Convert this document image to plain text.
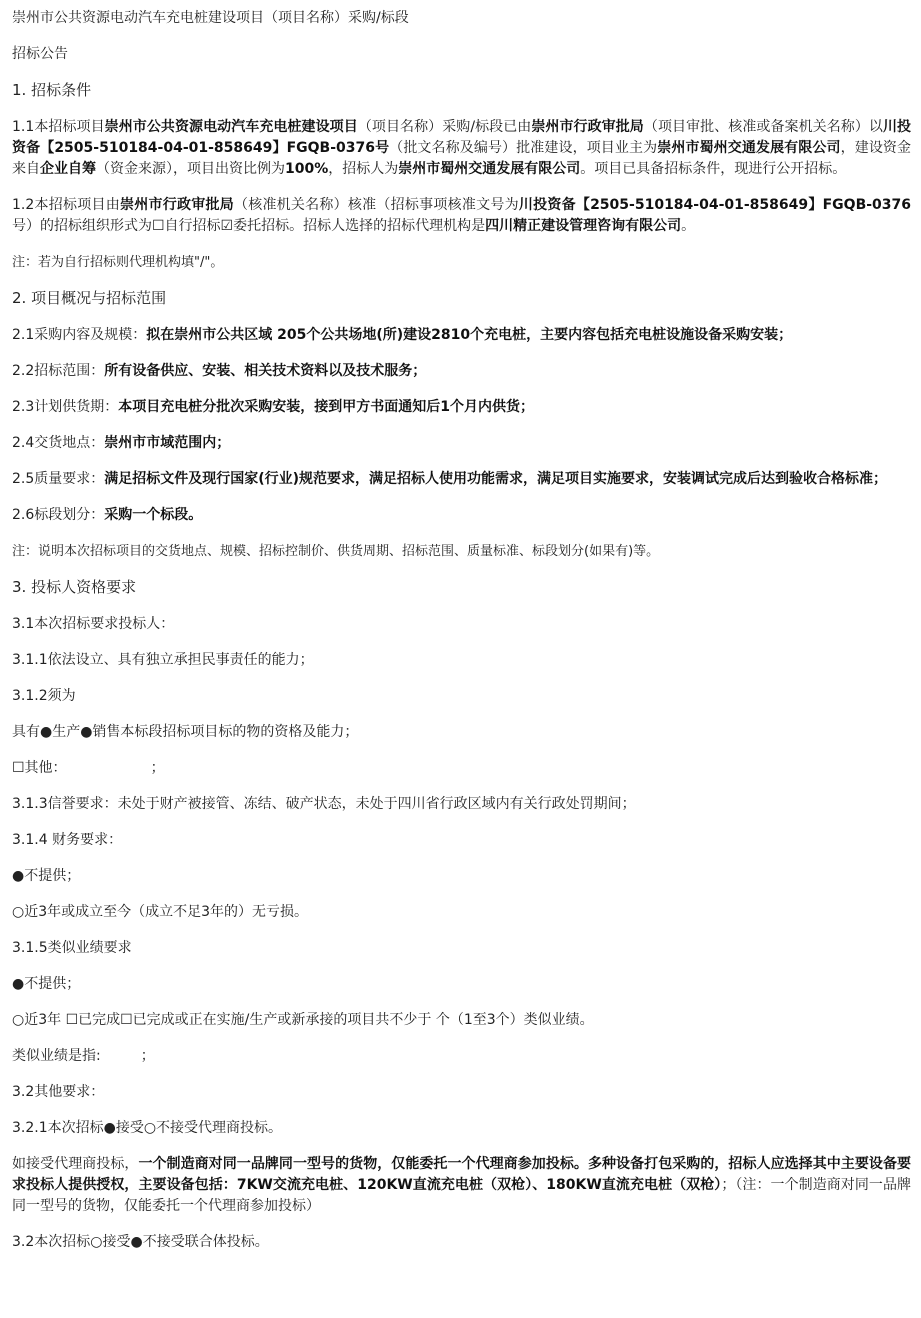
崇州市公共资源电动汽车充电桩建设项目（项目名称）采购/标段

招标公告

1. 招标条件

1.1本招标项目崇州市公共资源电动汽车充电桩建设项目（项目名称）采购/标段已由崇州市行政审批局（项目审批、核准或备案机关名称）以川投资备【2505-510184-04-01-858649】FGQB-0376号（批文名称及编号）批准建设，项目业主为崇州市蜀州交通发展有限公司，建设资金来自企业自筹（资金来源），项目出资比例为100%，招标人为崇州市蜀州交通发展有限公司。项目已具备招标条件，现进行公开招标。

1.2本招标项目由崇州市行政审批局（核准机关名称）核准（招标事项核准文号为川投资备【2505-510184-04-01-858649】FGQB-0376号）的招标组织形式为☐自行招标☑委托招标。招标人选择的招标代理机构是四川精正建设管理咨询有限公司。

注：若为自行招标则代理机构填"/"。

2. 项目概况与招标范围

2.1采购内容及规模：拟在崇州市公共区域 205个公共场地(所)建设2810个充电桩，主要内容包括充电桩设施设备采购安装；

2.2招标范围：所有设备供应、安装、相关技术资料以及技术服务；

2.3计划供货期：本项目充电桩分批次采购安装，接到甲方书面通知后1个月内供货；

2.4交货地点：崇州市市域范围内；

2.5质量要求：满足招标文件及现行国家(行业)规范要求，满足招标人使用功能需求，满足项目实施要求，安装调试完成后达到验收合格标准；

2.6标段划分：采购一个标段。

注：说明本次招标项目的交货地点、规模、招标控制价、供货周期、招标范围、质量标准、标段划分(如果有)等。

3. 投标人资格要求

3.1本次招标要求投标人：

3.1.1依法设立、具有独立承担民事责任的能力；

3.1.2须为

具有●生产●销售本标段招标项目标的物的资格及能力；

☐其他：	；

3.1.3信誉要求：未处于财产被接管、冻结、破产状态，未处于四川省行政区域内有关行政处罚期间；

3.1.4 财务要求：

●不提供；

○近3年或成立至今（成立不足3年的）无亏损。

3.1.5类似业绩要求

●不提供；

○近3年 ☐已完成☐已完成或正在实施/生产或新承接的项目共不少于 个（1至3个）类似业绩。

类似业绩是指:	；

3.2其他要求：

3.2.1本次招标●接受○不接受代理商投标。

如接受代理商投标，一个制造商对同一品牌同一型号的货物，仅能委托一个代理商参加投标。多种设备打包采购的，招标人应选择其中主要设备要求投标人提供授权，主要设备包括：7KW交流充电桩、120KW直流充电桩（双枪）、180KW直流充电桩（双枪）；（注：一个制造商对同一品牌同一型号的货物，仅能委托一个代理商参加投标）

3.2本次招标○接受●不接受联合体投标。
